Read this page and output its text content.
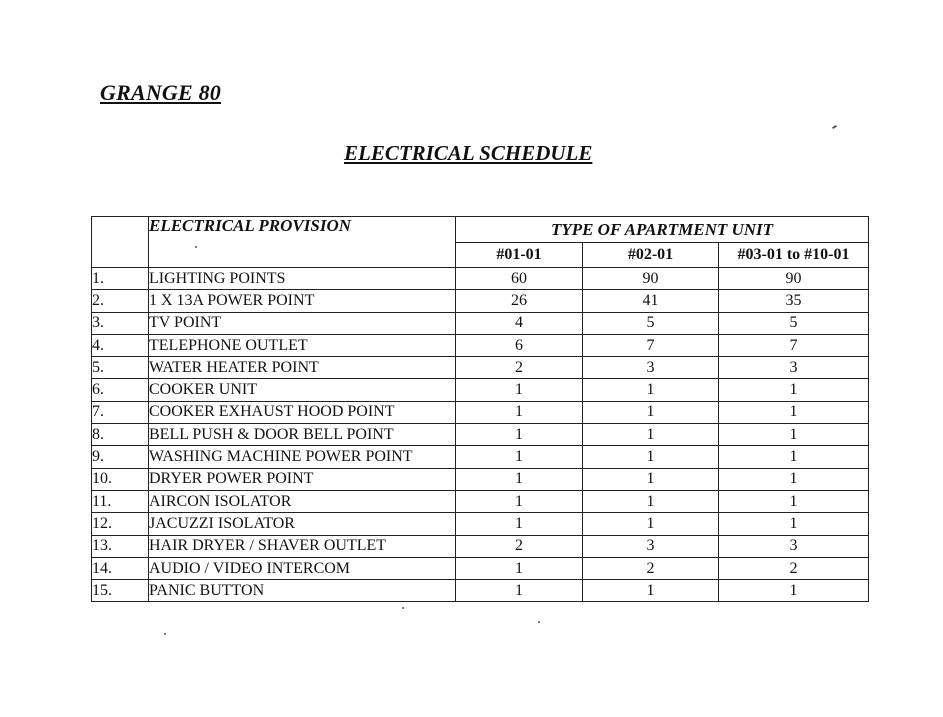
GRANGE 80
ELECTRICAL SCHEDULE
	ELECTRICAL PROVISION	TYPE OF APARTMENT UNIT		
		#01-01	#02-01	#03-01 to #10-01
1.	LIGHTING POINTS	60	90	90
2.	1 X 13A POWER POINT	26	41	35
3.	TV POINT	4	5	5
4.	TELEPHONE OUTLET	6	7	7
5.	WATER HEATER POINT	2	3	3
6.	COOKER UNIT	1	1	1
7.	COOKER EXHAUST HOOD POINT	1	1	1
8.	BELL PUSH & DOOR BELL POINT	1	1	1
9.	WASHING MACHINE POWER POINT	1	1	1
10.	DRYER POWER POINT	1	1	1
11.	AIRCON ISOLATOR	1	1	1
12.	JACUZZI ISOLATOR	1	1	1
13.	HAIR DRYER / SHAVER OUTLET	2	3	3
14.	AUDIO / VIDEO INTERCOM	1	2	2
15.	PANIC BUTTON	1	1	1
